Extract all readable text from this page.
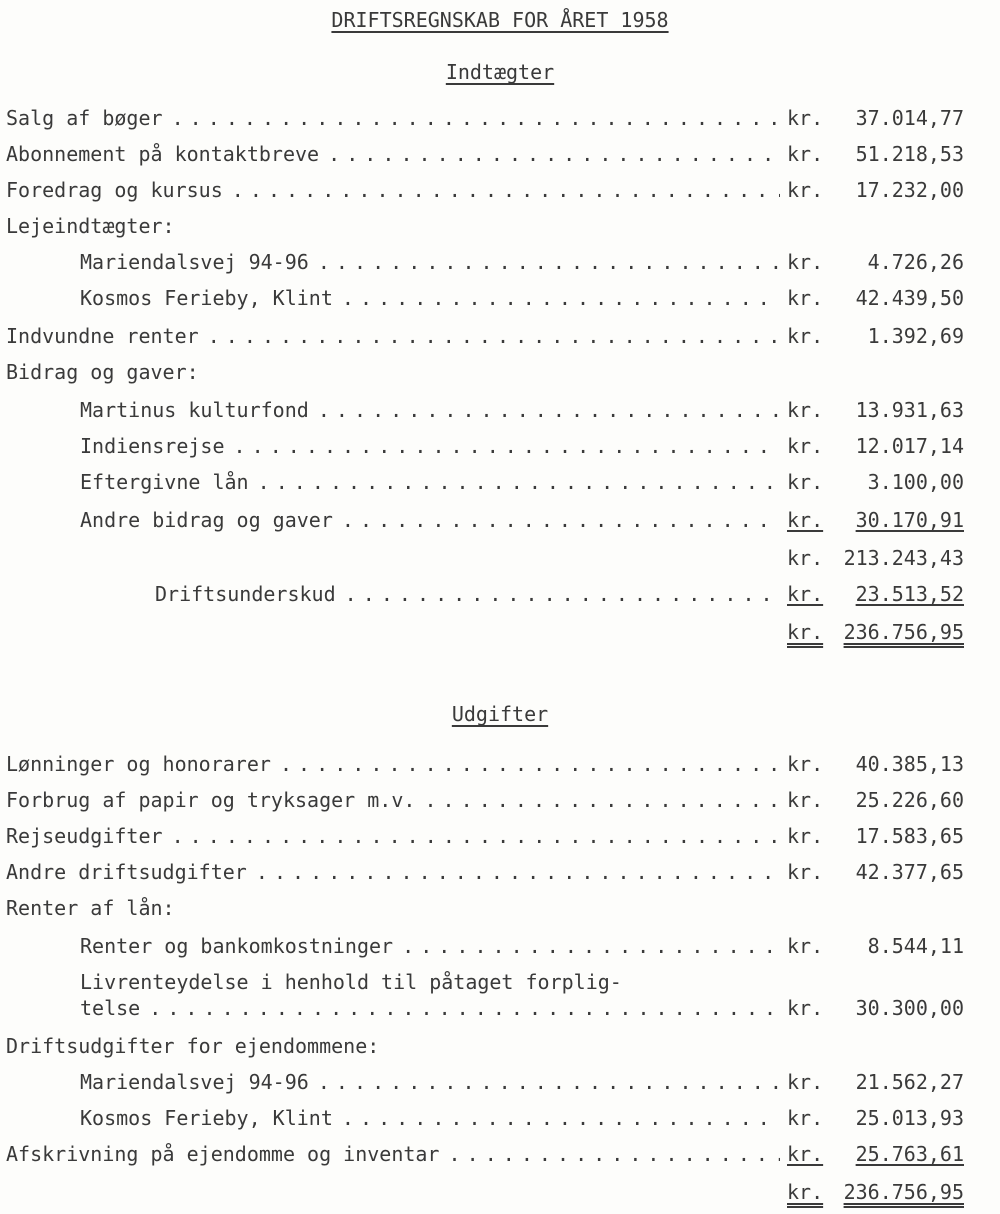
DRIFTSREGNSKAB FOR ÅRET 1958
Indtægter
Salg af bøger . . .	kr. 37.014,77
Abonnement på kontaktbreve . . .	kr. 51.218,53
Foredrag og kursus . . .	kr. 17.232,00
Lejeindtægter:
Mariendalsvej 94-96 . . .	kr. 4.726,26
Kosmos Ferieby, Klint . . .	kr. 42.439,50
Indvundne renter . . .	kr. 1.392,69
Bidrag og gaver:
Martinus kulturfond . . .	kr. 13.931,63
Indiensrejse . . .	kr. 12.017,14
Eftergivne lån . . .	kr. 3.100,00
Andre bidrag og gaver . . .	kr. 30.170,91
kr. 213.243,43
Driftsunderskud . . .	kr. 23.513,52
kr. 236.756,95
Udgifter
Lønninger og honorarer . . .	kr. 40.385,13
Forbrug af papir og tryksager m.v. . . .	kr. 25.226,60
Rejseudgifter . . .	kr. 17.583,65
Andre driftsudgifter . . .	kr. 42.377,65
Renter af lån:
Renter og bankomkostninger . . .	kr. 8.544,11
Livrenteydelse i henhold til påtaget forplig-
telse . . .	kr. 30.300,00
Driftsudgifter for ejendommene:
Mariendalsvej 94-96 . . .	kr. 21.562,27
Kosmos Ferieby, Klint . . .	kr. 25.013,93
Afskrivning på ejendomme og inventar . . .	kr. 25.763,61
kr. 236.756,95
